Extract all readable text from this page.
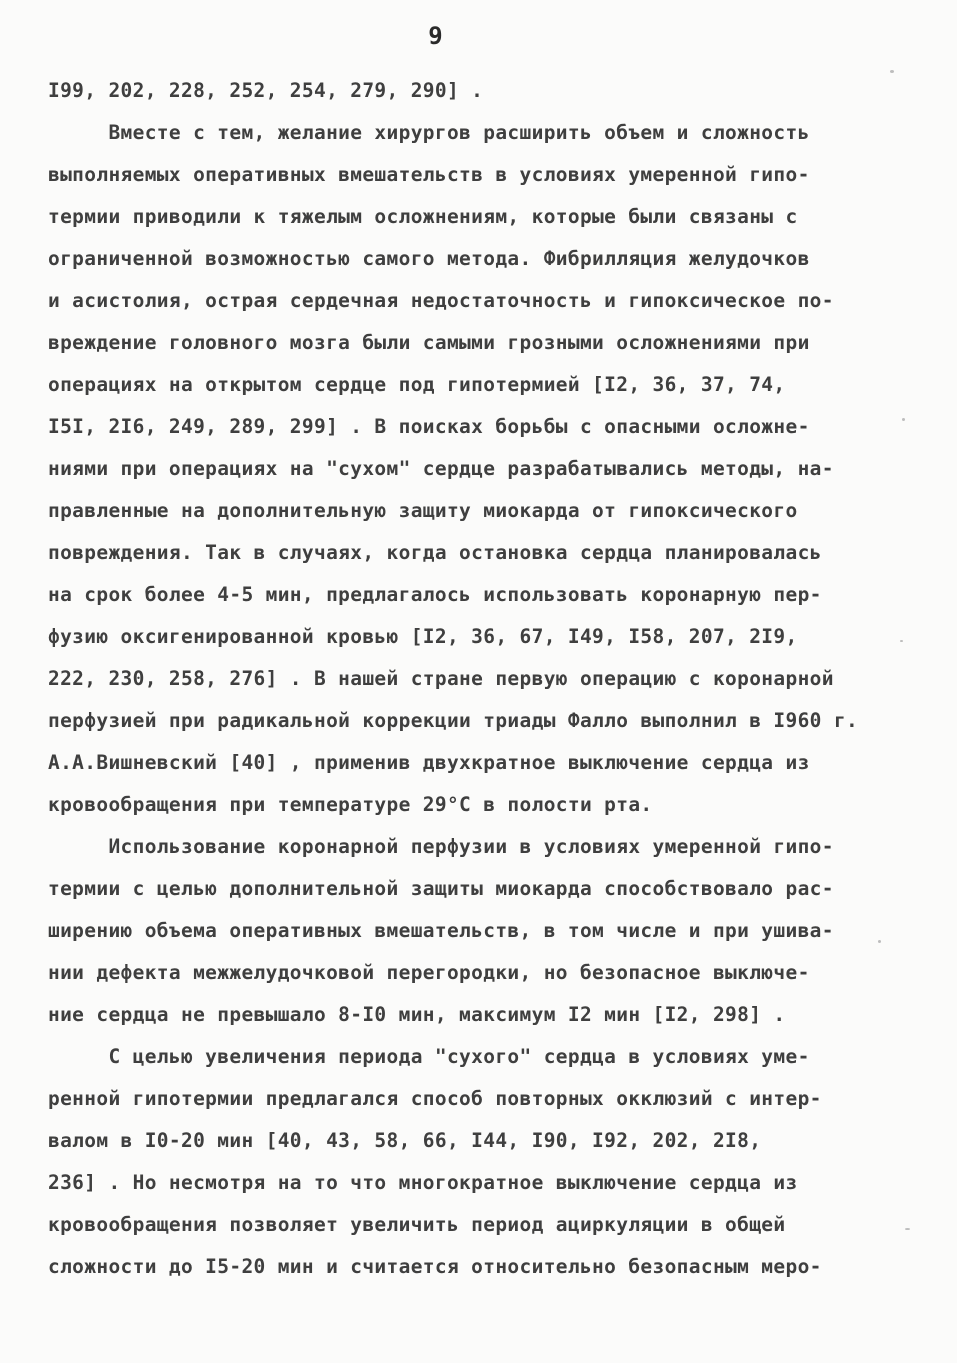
9
I99, 202, 228, 252, 254, 279, 290] .
Вместе с тем, желание хирургов расширить объем и сложность
выполняемых оперативных вмешательств в условиях умеренной гипо-
термии приводили к тяжелым осложнениям, которые были связаны с
ограниченной возможностью самого метода. Фибрилляция желудочков
и асистолия, острая сердечная недостаточность и гипоксическое по-
вреждение головного мозга были самыми грозными осложнениями при
операциях на открытом сердце под гипотермией [I2, 36, 37, 74,
I5I, 2I6, 249, 289, 299] . В поисках борьбы с опасными осложне-
ниями при операциях на "сухом" сердце разрабатывались методы, на-
правленные на дополнительную защиту миокарда от гипоксического
повреждения. Так в случаях, когда остановка сердца планировалась
на срок более 4-5 мин, предлагалось использовать коронарную пер-
фузию оксигенированной кровью [I2, 36, 67, I49, I58, 207, 2I9,
222, 230, 258, 276] . В нашей стране первую операцию с коронарной
перфузией при радикальной коррекции триады Фалло выполнил в I960 г.
А.А.Вишневский [40] , применив двухкратное выключение сердца из
кровообращения при температуре 29°C в полости рта.
Использование коронарной перфузии в условиях умеренной гипо-
термии с целью дополнительной защиты миокарда способствовало рас-
ширению объема оперативных вмешательств, в том числе и при ушива-
нии дефекта межжелудочковой перегородки, но безопасное выключе-
ние сердца не превышало 8-I0 мин, максимум I2 мин [I2, 298] .
С целью увеличения периода "сухого" сердца в условиях уме-
ренной гипотермии предлагался способ повторных окклюзий с интер-
валом в I0-20 мин [40, 43, 58, 66, I44, I90, I92, 202, 2I8,
236] . Но несмотря на то что многократное выключение сердца из
кровообращения позволяет увеличить период ациркуляции в общей
сложности до I5-20 мин и считается относительно безопасным меро-
